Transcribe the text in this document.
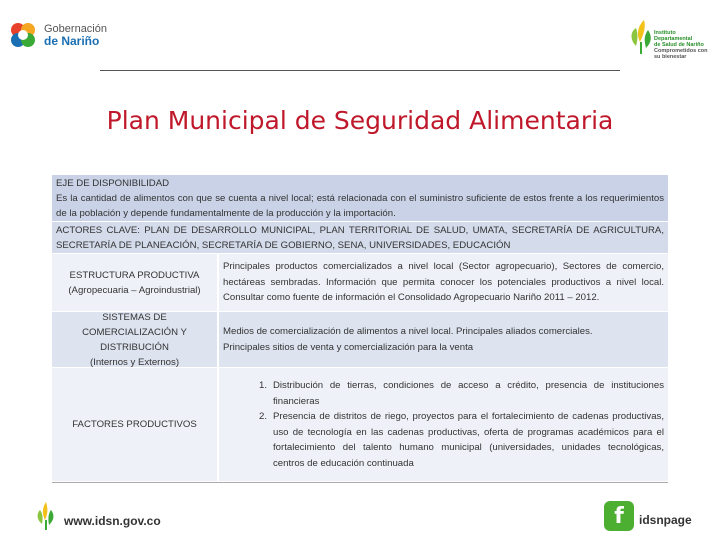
Gobernación
de Nariño
Instituto
Departamental
de Salud de Nariño
Comprometidos con su bienestar
Plan Municipal de Seguridad Alimentaria
EJE DE DISPONIBILIDAD
Es la cantidad de alimentos con que se cuenta a nivel local; está relacionada con el suministro suficiente de estos frente a los requerimientos de la población y depende fundamentalmente de la producción y la importación.
ACTORES CLAVE: PLAN DE DESARROLLO MUNICIPAL, PLAN TERRITORIAL DE SALUD, UMATA, SECRETARÍA DE AGRICULTURA, SECRETARÍA DE PLANEACIÓN, SECRETARÍA DE GOBIERNO, SENA, UNIVERSIDADES, EDUCACIÓN
ESTRUCTURA PRODUCTIVA
(Agropecuaria – Agroindustrial)
Principales productos comercializados a nivel local (Sector agropecuario), Sectores de comercio, hectáreas sembradas. Información que permita conocer los potenciales productivos a nivel local. Consultar como fuente de información el Consolidado Agropecuario Nariño 2011 – 2012.
SISTEMAS DE
COMERCIALIZACIÓN Y
DISTRIBUCIÓN
(Internos y Externos)
Medios de comercialización de alimentos a nivel local. Principales aliados comerciales.
Principales sitios de venta y comercialización para la venta
FACTORES PRODUCTIVOS
1. Distribución de tierras, condiciones de acceso a crédito, presencia de instituciones financieras
2. Presencia de distritos de riego, proyectos para el fortalecimiento de cadenas productivas, uso de tecnología en las cadenas productivas, oferta de programas académicos para el fortalecimiento del talento humano municipal (universidades, unidades tecnológicas, centros de educación continuada
www.idsn.gov.co	f	idsnpage
